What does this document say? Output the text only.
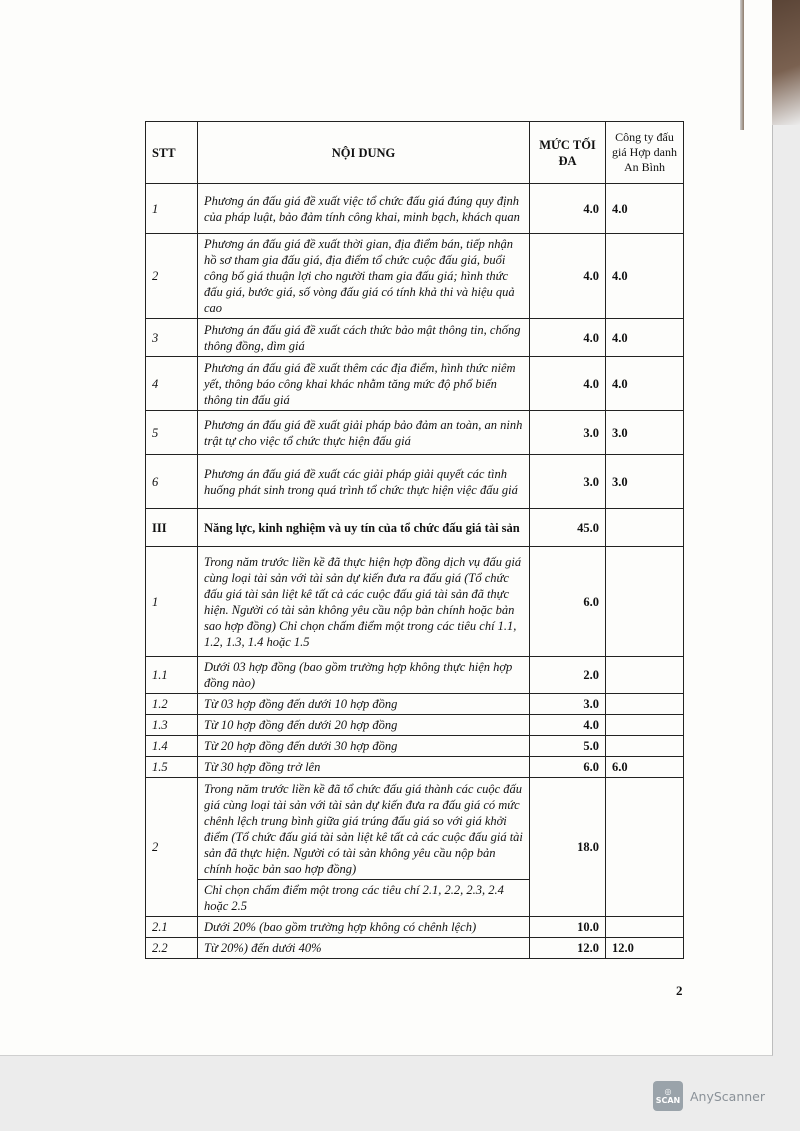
STT	NỘI DUNG	MỨC TỐI ĐA	Công ty đấu giá Hợp danh An Bình
1	Phương án đấu giá đề xuất việc tổ chức đấu giá đúng quy định của pháp luật, bảo đảm tính công khai, minh bạch, khách quan	4.0	4.0
2	Phương án đấu giá đề xuất thời gian, địa điểm bán, tiếp nhận hồ sơ tham gia đấu giá, địa điểm tổ chức cuộc đấu giá, buổi công bố giá thuận lợi cho người tham gia đấu giá; hình thức đấu giá, bước giá, số vòng đấu giá có tính khả thi và hiệu quả cao	4.0	4.0
3	Phương án đấu giá đề xuất cách thức bảo mật thông tin, chống thông đồng, dìm giá	4.0	4.0
4	Phương án đấu giá đề xuất thêm các địa điểm, hình thức niêm yết, thông báo công khai khác nhằm tăng mức độ phổ biến thông tin đấu giá	4.0	4.0
5	Phương án đấu giá đề xuất giải pháp bảo đảm an toàn, an ninh trật tự cho việc tổ chức thực hiện đấu giá	3.0	3.0
6	Phương án đấu giá đề xuất các giải pháp giải quyết các tình huống phát sinh trong quá trình tổ chức thực hiện việc đấu giá	3.0	3.0
III	Năng lực, kinh nghiệm và uy tín của tổ chức đấu giá tài sản	45.0	
1	Trong năm trước liền kề đã thực hiện hợp đồng dịch vụ đấu giá cùng loại tài sản với tài sản dự kiến đưa ra đấu giá (Tổ chức đấu giá tài sản liệt kê tất cả các cuộc đấu giá tài sản đã thực hiện. Người có tài sản không yêu cầu nộp bản chính hoặc bản sao hợp đồng) Chỉ chọn chấm điểm một trong các tiêu chí 1.1, 1.2, 1.3, 1.4 hoặc 1.5	6.0	
1.1	Dưới 03 hợp đồng (bao gồm trường hợp không thực hiện hợp đồng nào)	2.0	
1.2	Từ 03 hợp đồng đến dưới 10 hợp đồng	3.0	
1.3	Từ 10 hợp đồng đến dưới 20 hợp đồng	4.0	
1.4	Từ 20 hợp đồng đến dưới 30 hợp đồng	5.0	
1.5	Từ 30 hợp đồng trở lên	6.0	6.0
2	Trong năm trước liền kề đã tổ chức đấu giá thành các cuộc đấu giá cùng loại tài sản với tài sản dự kiến đưa ra đấu giá có mức chênh lệch trung bình giữa giá trúng đấu giá so với giá khởi điểm (Tổ chức đấu giá tài sản liệt kê tất cả các cuộc đấu giá tài sản đã thực hiện. Người có tài sản không yêu cầu nộp bản chính hoặc bản sao hợp đồng)	18.0	
	Chỉ chọn chấm điểm một trong các tiêu chí 2.1, 2.2, 2.3, 2.4 hoặc 2.5		
2.1	Dưới 20% (bao gồm trường hợp không có chênh lệch)	10.0	
2.2	Từ 20%) đến dưới 40%	12.0	12.0
2
◎
SCAN AnyScanner
